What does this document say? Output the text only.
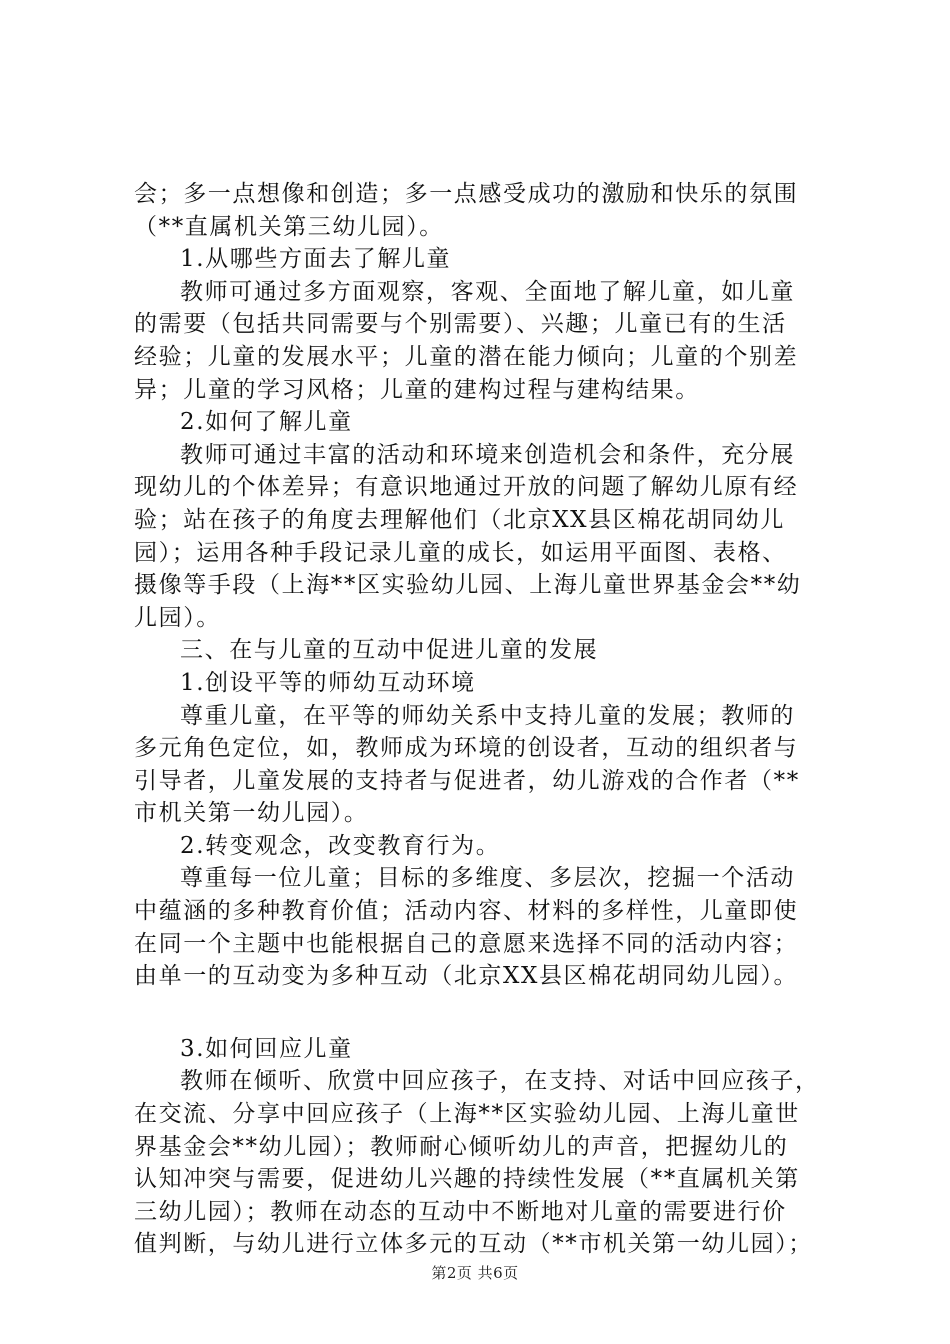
会；多一点想像和创造；多一点感受成功的激励和快乐的氛围
（**直属机关第三幼儿园）。
1.从哪些方面去了解儿童
教师可通过多方面观察，客观、全面地了解儿童，如儿童
的需要（包括共同需要与个别需要）、兴趣；儿童已有的生活
经验；儿童的发展水平；儿童的潜在能力倾向；儿童的个别差
异；儿童的学习风格；儿童的建构过程与建构结果。
2.如何了解儿童
教师可通过丰富的活动和环境来创造机会和条件，充分展
现幼儿的个体差异；有意识地通过开放的问题了解幼儿原有经
验；站在孩子的角度去理解他们（北京XX县区棉花胡同幼儿
园）；运用各种手段记录儿童的成长，如运用平面图、表格、
摄像等手段（上海**区实验幼儿园、上海儿童世界基金会**幼
儿园）。
三、在与儿童的互动中促进儿童的发展
1.创设平等的师幼互动环境
尊重儿童，在平等的师幼关系中支持儿童的发展；教师的
多元角色定位，如，教师成为环境的创设者，互动的组织者与
引导者，儿童发展的支持者与促进者，幼儿游戏的合作者（**
市机关第一幼儿园）。
2.转变观念，改变教育行为。
尊重每一位儿童；目标的多维度、多层次，挖掘一个活动
中蕴涵的多种教育价值；活动内容、材料的多样性，儿童即使
在同一个主题中也能根据自己的意愿来选择不同的活动内容；
由单一的互动变为多种互动（北京XX县区棉花胡同幼儿园）。
3.如何回应儿童
教师在倾听、欣赏中回应孩子，在支持、对话中回应孩子，
在交流、分享中回应孩子（上海**区实验幼儿园、上海儿童世
界基金会**幼儿园）；教师耐心倾听幼儿的声音，把握幼儿的
认知冲突与需要，促进幼儿兴趣的持续性发展（**直属机关第
三幼儿园）；教师在动态的互动中不断地对儿童的需要进行价
值判断，与幼儿进行立体多元的互动（**市机关第一幼儿园）；
第2页 共6页
